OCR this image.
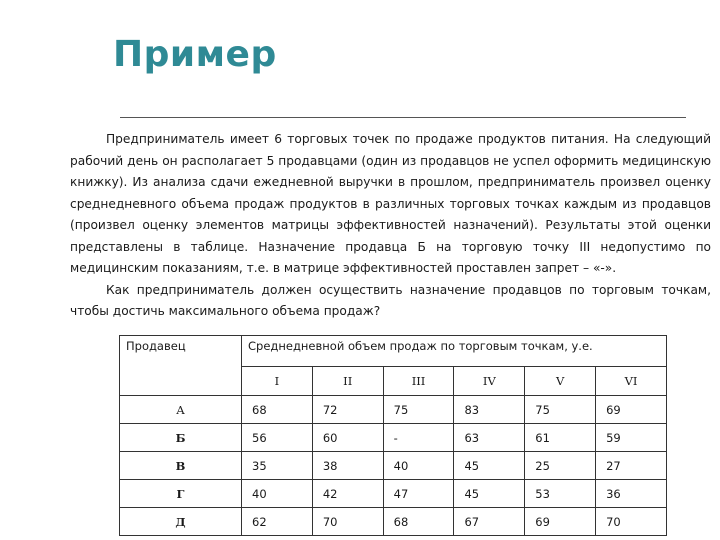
Пример

Предприниматель имеет 6 торговых точек по продаже продуктов питания. На следующий рабочий день он располагает 5 продавцами (один из продавцов не успел оформить медицинскую книжку). Из анализа сдачи ежедневной выручки в прошлом, предприниматель произвел оценку среднедневного объема продаж продуктов в различных торговых точках каждым из продавцов (произвел оценку элементов матрицы эффективностей назначений). Результаты этой оценки представлены в таблице. Назначение продавца Б на торговую точку III недопустимо по медицинским показаниям, т.е. в матрице эффективностей проставлен запрет – «-».

Как предприниматель должен осуществить назначение продавцов по торговым точкам, чтобы достичь максимального объема продаж?

Продавец	Среднедневной объем продаж по торговым точкам, у.е.					
	I	II	III	IV	V	VI
А	68	72	75	83	75	69
Б	56	60	-	63	61	59
В	35	38	40	45	25	27
Г	40	42	47	45	53	36
Д	62	70	68	67	69	70
